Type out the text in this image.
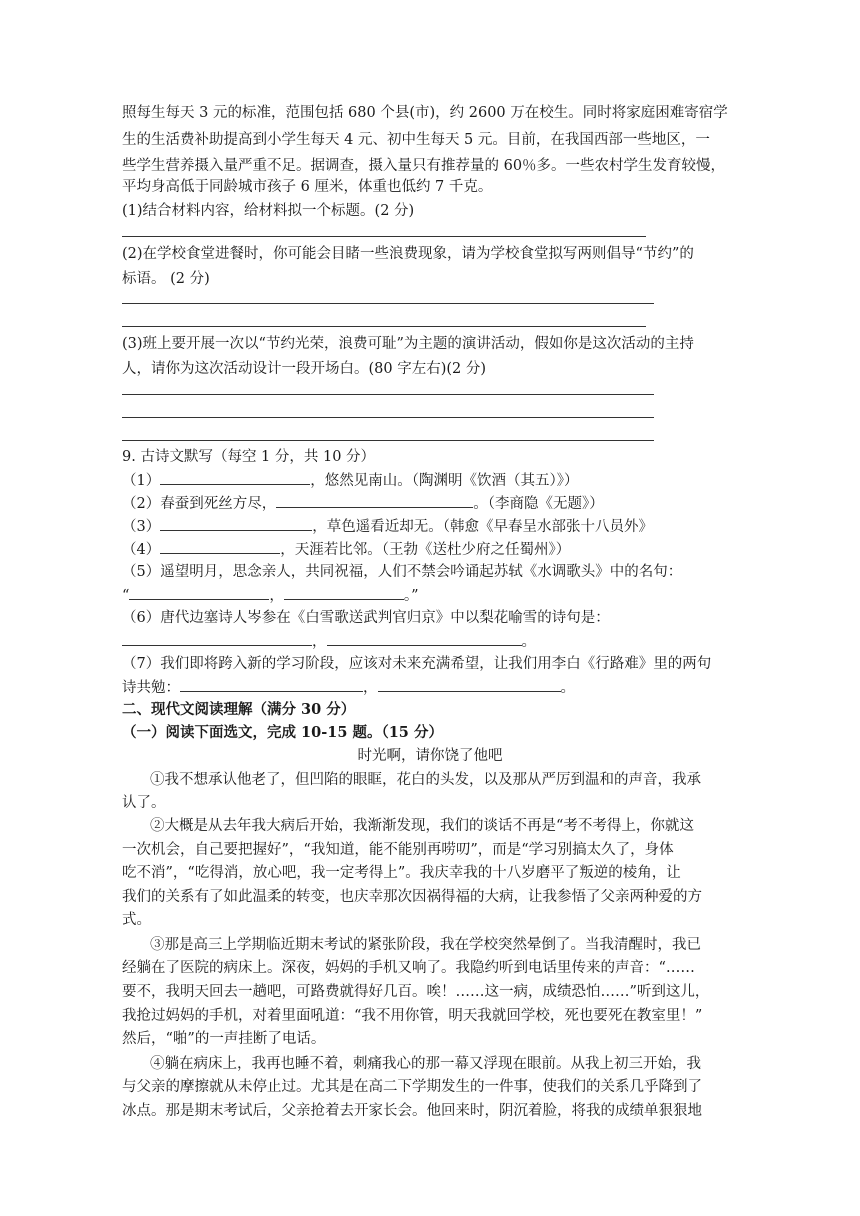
照每生每天 3 元的标准，范围包括 680 个县(市)，约 2600 万在校生。同时将家庭困难寄宿学
生的生活费补助提高到小学生每天 4 元、初中生每天 5 元。目前，在我国西部一些地区，一
些学生营养摄入量严重不足。据调查，摄入量只有推荐量的 60％多。一些农村学生发育较慢，
平均身高低于同龄城市孩子 6 厘米，体重也低约 7 千克。
(1)结合材料内容，给材料拟一个标题。(2 分)
(2)在学校食堂进餐时，你可能会目睹一些浪费现象，请为学校食堂拟写两则倡导“节约”的
标语。 (2 分)
(3)班上要开展一次以“节约光荣，浪费可耻”为主题的演讲活动，假如你是这次活动的主持
人，请你为这次活动设计一段开场白。(80 字左右)(2 分)
9. 古诗文默写（每空 1 分，共 10 分）
（1）	，悠然见南山。（陶渊明《饮酒（其五）》）
（2）春蚕到死丝方尽，	。（李商隐《无题》）
（3）	，草色遥看近却无。（韩愈《早春呈水部张十八员外》
（4）	，天涯若比邻。（王勃《送杜少府之任蜀州》）
（5）遥望明月，思念亲人，共同祝福，人们不禁会吟诵起苏轼《水调歌头》中的名句：
“	，	。”
（6）唐代边塞诗人岑参在《白雪歌送武判官归京》中以梨花喻雪的诗句是：
，	。
（7）我们即将跨入新的学习阶段，应该对未来充满希望，让我们用李白《行路难》里的两句
诗共勉：	，	。
二、现代文阅读理解（满分 30 分）
（一）阅读下面选文，完成 10-15 题。（15 分）
时光啊，请你饶了他吧
①我不想承认他老了，但凹陷的眼眶，花白的头发，以及那从严厉到温和的声音，我承
认了。
②大概是从去年我大病后开始，我渐渐发现，我们的谈话不再是“考不考得上，你就这
一次机会，自己要把握好”，“我知道，能不能别再唠叨”，而是“学习别搞太久了，身体
吃不消”，“吃得消，放心吧，我一定考得上”。我庆幸我的十八岁磨平了叛逆的棱角，让
我们的关系有了如此温柔的转变，也庆幸那次因祸得福的大病，让我参悟了父亲两种爱的方
式。
③那是高三上学期临近期末考试的紧张阶段，我在学校突然晕倒了。当我清醒时，我已
经躺在了医院的病床上。深夜，妈妈的手机又响了。我隐约听到电话里传来的声音：“……
要不，我明天回去一趟吧，可路费就得好几百。唉！……这一病，成绩恐怕……”听到这儿，
我抢过妈妈的手机，对着里面吼道：“我不用你管，明天我就回学校，死也要死在教室里！”
然后，“啪”的一声挂断了电话。
④躺在病床上，我再也睡不着，刺痛我心的那一幕又浮现在眼前。从我上初三开始，我
与父亲的摩擦就从未停止过。尤其是在高二下学期发生的一件事，使我们的关系几乎降到了
冰点。那是期末考试后，父亲抢着去开家长会。他回来时，阴沉着脸，将我的成绩单狠狠地
